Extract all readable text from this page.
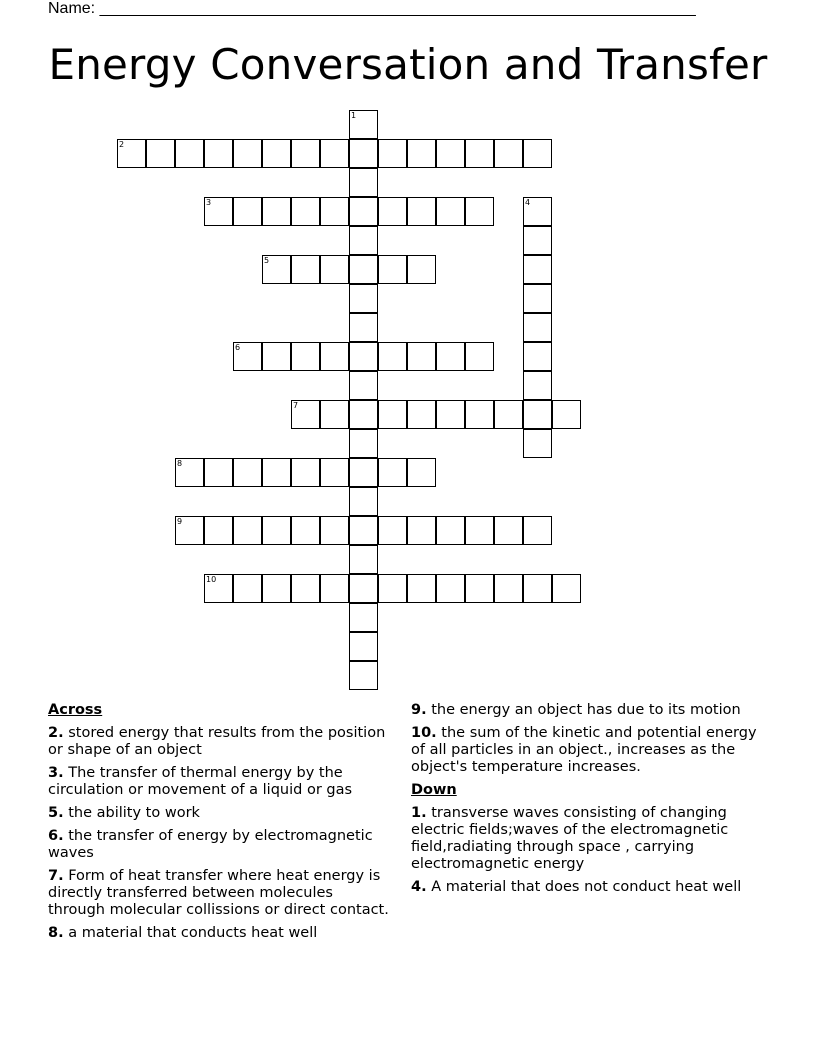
Name: ___________________________________________________________________
Energy Conversation and Transfer
1
2
3	4
5
6
7
8
9
10
Across
2. stored energy that results from the position or shape of an object
3. The transfer of thermal energy by the circulation or movement of a liquid or gas
5. the ability to work
6. the transfer of energy by electromagnetic waves
7. Form of heat transfer where heat energy is directly transferred between molecules through molecular collissions or direct contact.
8. a material that conducts heat well
9. the energy an object has due to its motion
10. the sum of the kinetic and potential energy of all particles in an object., increases as the object's temperature increases.
Down
1. transverse waves consisting of changing electric fields;waves of the electromagnetic field,radiating through space , carrying electromagnetic energy
4. A material that does not conduct heat well
